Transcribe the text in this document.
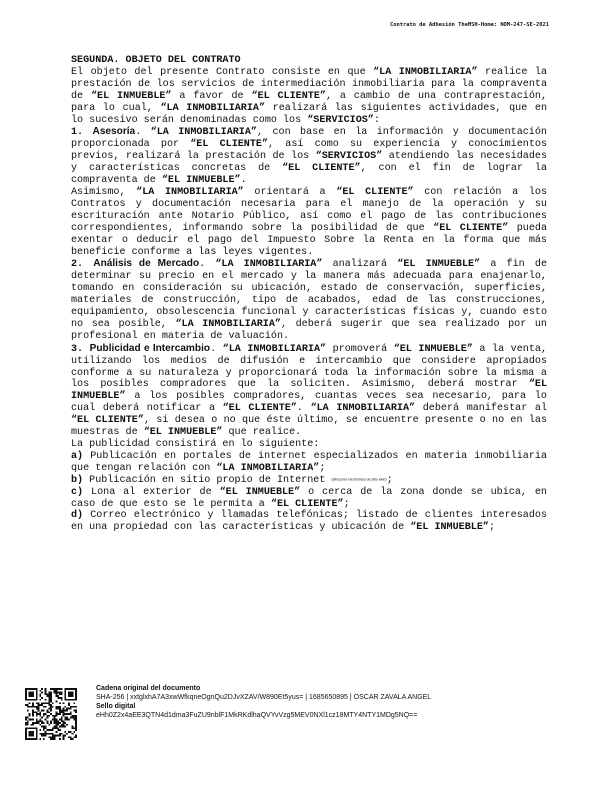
Contrato de Adhesión TheMSH-Home: NOM-247-SE-2021

SEGUNDA. OBJETO DEL CONTRATO

El objeto del presente Contrato consiste en que “LA INMOBILIARIA” realice la prestación de los servicios de intermediación inmobiliaria para la compraventa de “EL INMUEBLE” a favor de “EL CLIENTE”, a cambio de una contraprestación, para lo cual, “LA INMOBILIARIA” realizará las siguientes actividades, que en lo sucesivo serán denominadas como los “SERVICIOS”:

1. Asesoría. “LA INMOBILIARIA”, con base en la información y documentación proporcionada por “EL CLIENTE”, así como su experiencia y conocimientos previos, realizará la prestación de los “SERVICIOS” atendiendo las necesidades y características concretas de “EL CLIENTE”, con el fin de lograr la compraventa de “EL INMUEBLE”.

Asimismo, “LA INMOBILIARIA” orientará a “EL CLIENTE” con relación a los Contratos y documentación necesaria para el manejo de la operación y su escrituración ante Notario Público, así como el pago de las contribuciones correspondientes, informando sobre la posibilidad de que “EL CLIENTE” pueda exentar o deducir el pago del Impuesto Sobre la Renta en la forma que más beneficie conforme a las leyes vigentes.

2. Análisis de Mercado. “LA INMOBILIARIA” analizará “EL INMUEBLE” a fin de determinar su precio en el mercado y la manera más adecuada para enajenarlo, tomando en consideración su ubicación, estado de conservación, superficies, materiales de construcción, tipo de acabados, edad de las construcciones, equipamiento, obsolescencia funcional y características físicas y, cuando esto no sea posible, “LA INMOBILIARIA”, deberá sugerir que sea realizado por un profesional en materia de valuación.

3. Publicidad e Intercambio. “LA INMOBILIARIA” promoverá “EL INMUEBLE” a la venta, utilizando los medios de difusión e intercambio que considere apropiados conforme a su naturaleza y proporcionará toda la información sobre la misma a los posibles compradores que la soliciten. Asimismo, deberá mostrar “EL INMUEBLE” a los posibles compradores, cuantas veces sea necesario, para lo cual deberá notificar a “EL CLIENTE”. “LA INMOBILIARIA” deberá manifestar al “EL CLIENTE”, si desea o no que éste último, se encuentre presente o no en las muestras de “EL INMUEBLE” que realice.

La publicidad consistirá en lo siguiente:

a) Publicación en portales de internet especializados en materia inmobiliaria que tengan relación con “LA INMOBILIARIA”;

b) Publicación en sitio propio de Internet (dirección electrónica de sitio web);

c) Lona al exterior de “EL INMUEBLE” o cerca de la zona donde se ubica, en caso de que esto se le permita a “EL CLIENTE”;

d) Correo electrónico y llamadas telefónicas; listado de clientes interesados en una propiedad con las características y ubicación de “EL INMUEBLE”;

Cadena original del documento
SHA-256 | xxtglxhA7A3xwWfkqneOgnQu2DJvXZAV/W890Et5yus= | 1685650895 | OSCAR ZAVALA ANGEL
Sello digital
eHh0Z2x4aEE3QTN4d1dma3FuZU9nblF1MkRKdlhaQVYvVzg5MEV0NXl1cz18MTY4NTY1MDg5NQ==
